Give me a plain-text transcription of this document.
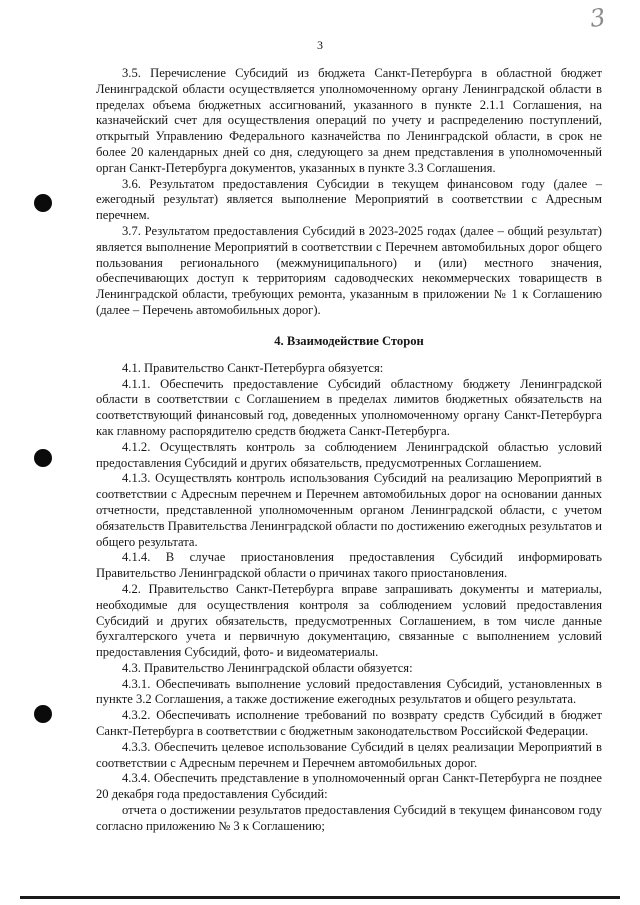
3
3

3.5. Перечисление Субсидий из бюджета Санкт-Петербурга в областной бюджет Ленинградской области осуществляется уполномоченному органу Ленинградской области в пределах объема бюджетных ассигнований, указанного в пункте 2.1.1 Соглашения, на казначейский счет для осуществления операций по учету и распределению поступлений, открытый Управлению Федерального казначейства по Ленинградской области, в срок не более 20 календарных дней со дня, следующего за днем представления в уполномоченный орган Санкт-Петербурга документов, указанных в пункте 3.3 Соглашения.

3.6. Результатом предоставления Субсидии в текущем финансовом году (далее – ежегодный результат) является выполнение Мероприятий в соответствии с Адресным перечнем.

3.7. Результатом предоставления Субсидий в 2023-2025 годах (далее – общий результат) является выполнение Мероприятий в соответствии с Перечнем автомобильных дорог общего пользования регионального (межмуниципального) и (или) местного значения, обеспечивающих доступ к территориям садоводческих некоммерческих товариществ в Ленинградской области, требующих ремонта, указанным в приложении № 1 к Соглашению (далее – Перечень автомобильных дорог).

4. Взаимодействие Сторон

4.1. Правительство Санкт-Петербурга обязуется:

4.1.1. Обеспечить предоставление Субсидий областному бюджету Ленинградской области в соответствии с Соглашением в пределах лимитов бюджетных обязательств на соответствующий финансовый год, доведенных уполномоченному органу Санкт-Петербурга как главному распорядителю средств бюджета Санкт-Петербурга.

4.1.2. Осуществлять контроль за соблюдением Ленинградской областью условий предоставления Субсидий и других обязательств, предусмотренных Соглашением.

4.1.3. Осуществлять контроль использования Субсидий на реализацию Мероприятий в соответствии с Адресным перечнем и Перечнем автомобильных дорог на основании данных отчетности, представленной уполномоченным органом Ленинградской области, с учетом обязательств Правительства Ленинградской области по достижению ежегодных результатов и общего результата.

4.1.4. В случае приостановления предоставления Субсидий информировать Правительство Ленинградской области о причинах такого приостановления.

4.2. Правительство Санкт-Петербурга вправе запрашивать документы и материалы, необходимые для осуществления контроля за соблюдением условий предоставления Субсидий и других обязательств, предусмотренных Соглашением, в том числе данные бухгалтерского учета и первичную документацию, связанные с выполнением условий предоставления Субсидий, фото- и видеоматериалы.

4.3. Правительство Ленинградской области обязуется:

4.3.1. Обеспечивать выполнение условий предоставления Субсидий, установленных в пункте 3.2 Соглашения, а также достижение ежегодных результатов и общего результата.

4.3.2. Обеспечивать исполнение требований по возврату средств Субсидий в бюджет Санкт-Петербурга в соответствии с бюджетным законодательством Российской Федерации.

4.3.3. Обеспечить целевое использование Субсидий в целях реализации Мероприятий в соответствии с Адресным перечнем и Перечнем автомобильных дорог.

4.3.4. Обеспечить представление в уполномоченный орган Санкт-Петербурга не позднее 20 декабря года предоставления Субсидий:

отчета о достижении результатов предоставления Субсидий в текущем финансовом году согласно приложению № 3 к Соглашению;
